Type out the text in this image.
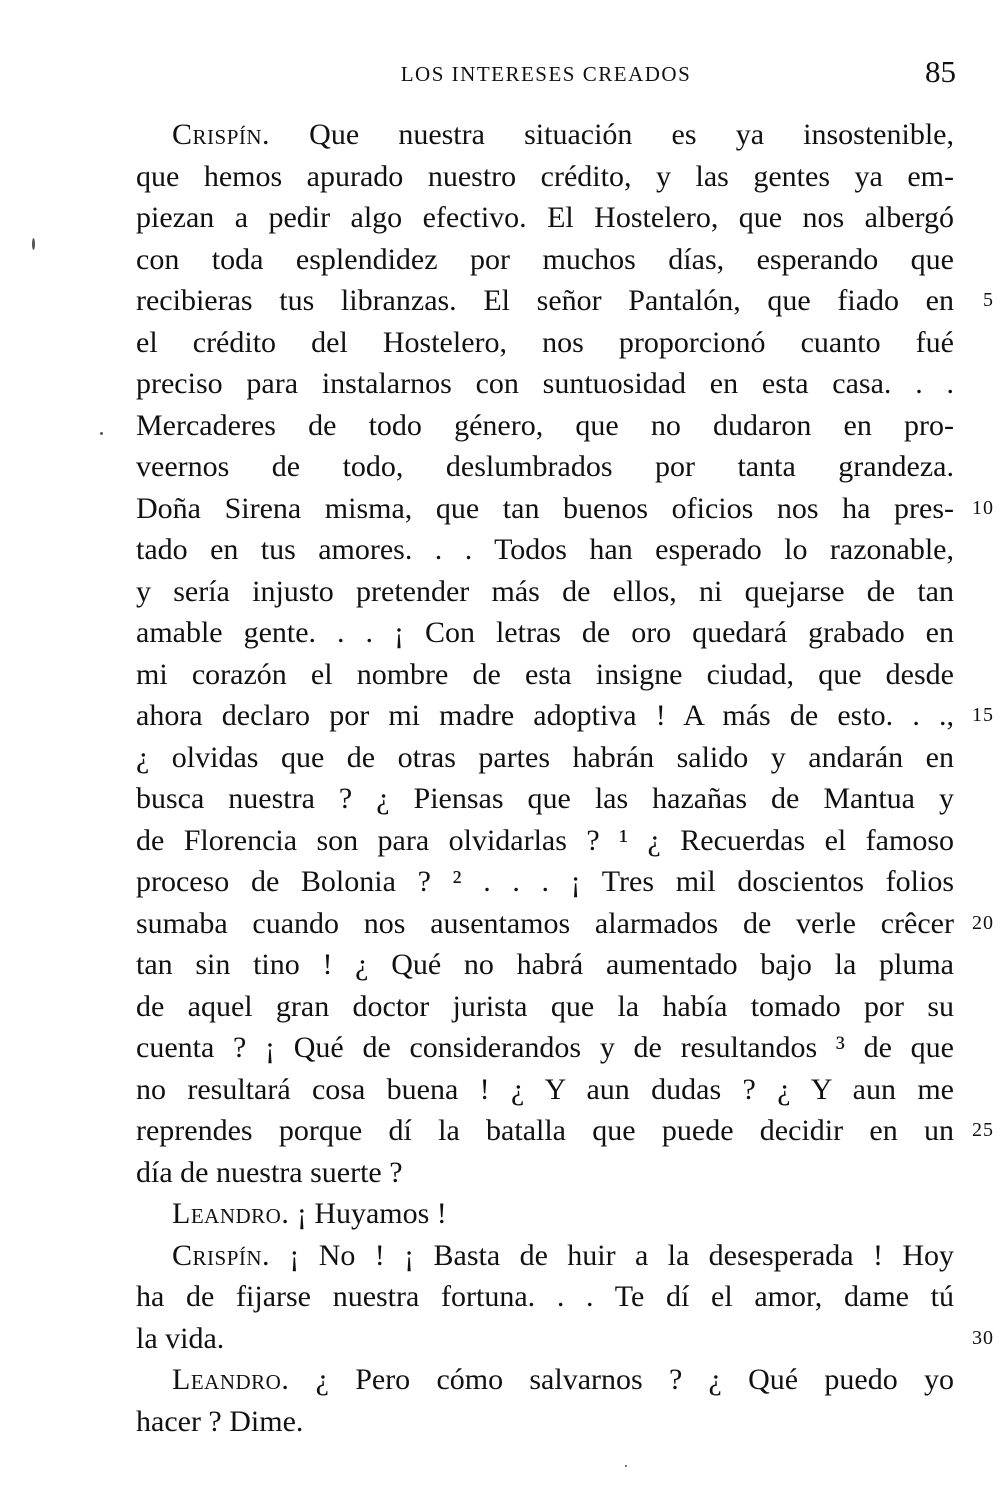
LOS INTERESES CREADOS	85
Crispín. Que nuestra situación es ya insostenible,
que hemos apurado nuestro crédito, y las gentes ya em-
piezan a pedir algo efectivo. El Hostelero, que nos albergó
con toda esplendidez por muchos días, esperando que
recibieras tus libranzas. El señor Pantalón, que fiado en 5
el crédito del Hostelero, nos proporcionó cuanto fué
preciso para instalarnos con suntuosidad en esta casa. . .
Mercaderes de todo género, que no dudaron en pro-
veernos de todo, deslumbrados por tanta grandeza.
Doña Sirena misma, que tan buenos oficios nos ha pres- 10
tado en tus amores. . . Todos han esperado lo razonable,
y sería injusto pretender más de ellos, ni quejarse de tan
amable gente. . . ¡ Con letras de oro quedará grabado en
mi corazón el nombre de esta insigne ciudad, que desde
ahora declaro por mi madre adoptiva ! A más de esto. . ., 15
¿ olvidas que de otras partes habrán salido y andarán en
busca nuestra ? ¿ Piensas que las hazañas de Mantua y
de Florencia son para olvidarlas ? ¹ ¿ Recuerdas el famoso
proceso de Bolonia ? ² . . . ¡ Tres mil doscientos folios
sumaba cuando nos ausentamos alarmados de verle crêcer 20
tan sin tino ! ¿ Qué no habrá aumentado bajo la pluma
de aquel gran doctor jurista que la había tomado por su
cuenta ? ¡ Qué de considerandos y de resultandos ³ de que
no resultará cosa buena ! ¿ Y aun dudas ? ¿ Y aun me
reprendes porque dí la batalla que puede decidir en un 25
día de nuestra suerte ?
Leandro. ¡ Huyamos !
Crispín. ¡ No ! ¡ Basta de huir a la desesperada ! Hoy
ha de fijarse nuestra fortuna. . . Te dí el amor, dame tú
la vida.	30
Leandro. ¿ Pero cómo salvarnos ? ¿ Qué puedo yo
hacer ? Dime.
